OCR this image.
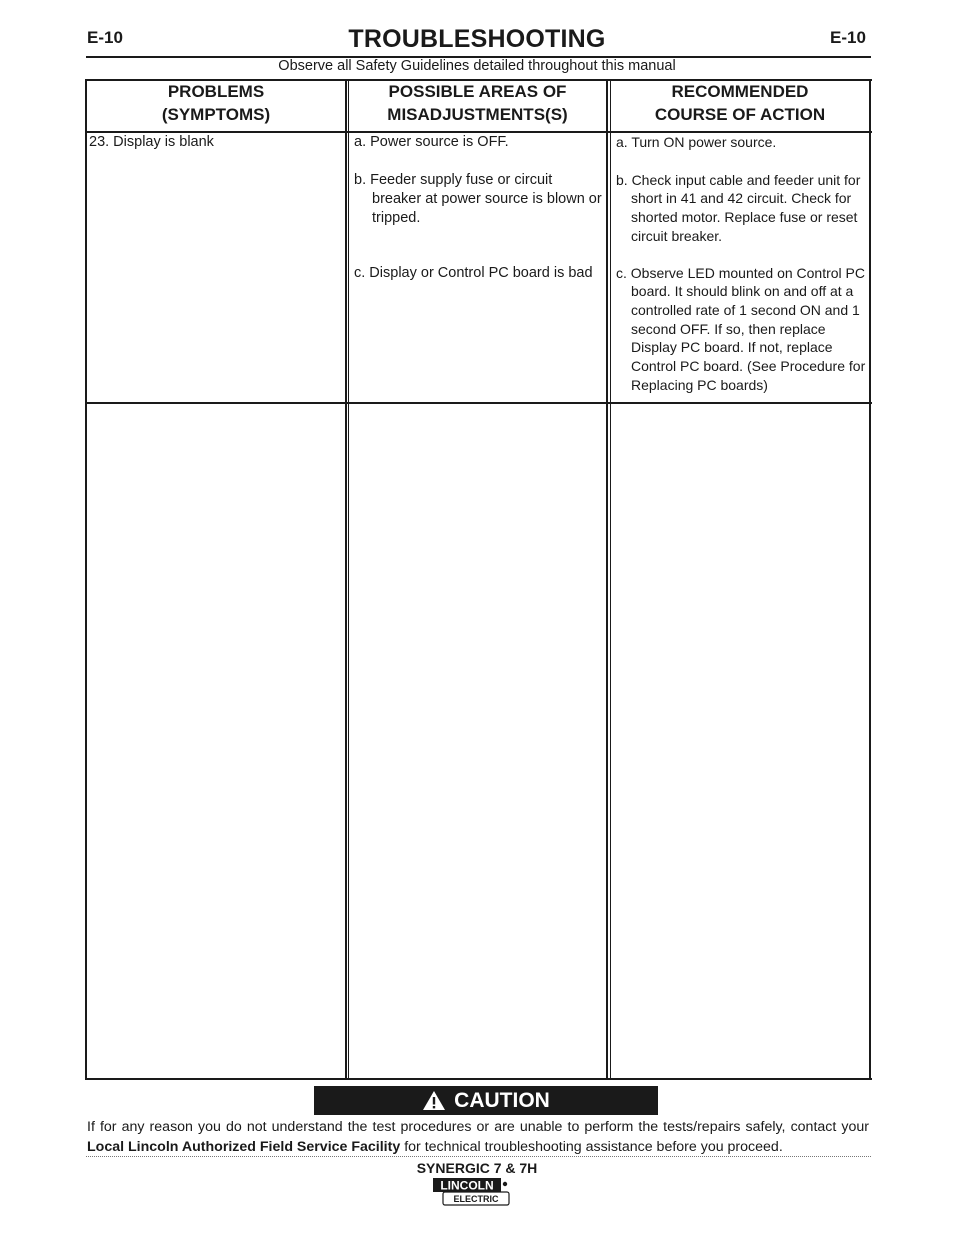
E-10	E-10
TROUBLESHOOTING
Observe all Safety Guidelines detailed throughout this manual
PROBLEMS
(SYMPTOMS)
POSSIBLE AREAS OF
MISADJUSTMENTS(S)
RECOMMENDED
COURSE OF ACTION
23. Display is blank	a. Power source is OFF.
b. Feeder supply fuse or circuit breaker at power source is blown or tripped.
c. Display or Control PC board is bad
a. Turn ON power source.
b. Check input cable and feeder unit for short in 41 and 42 circuit. Check for shorted motor. Replace fuse or reset circuit breaker.
c. Observe LED mounted on Control PC board. It should blink on and off at a controlled rate of 1 second ON and 1 second OFF. If so, then replace Display PC board. If not, replace Control PC board. (See Procedure for Replacing PC boards)
CAUTION
If for any reason you do not understand the test procedures or are unable to perform the tests/repairs safely, contact your Local Lincoln Authorized Field Service Facility for technical troubleshooting assistance before you proceed.
SYNERGIC 7 & 7H
LINCOLN
ELECTRIC
